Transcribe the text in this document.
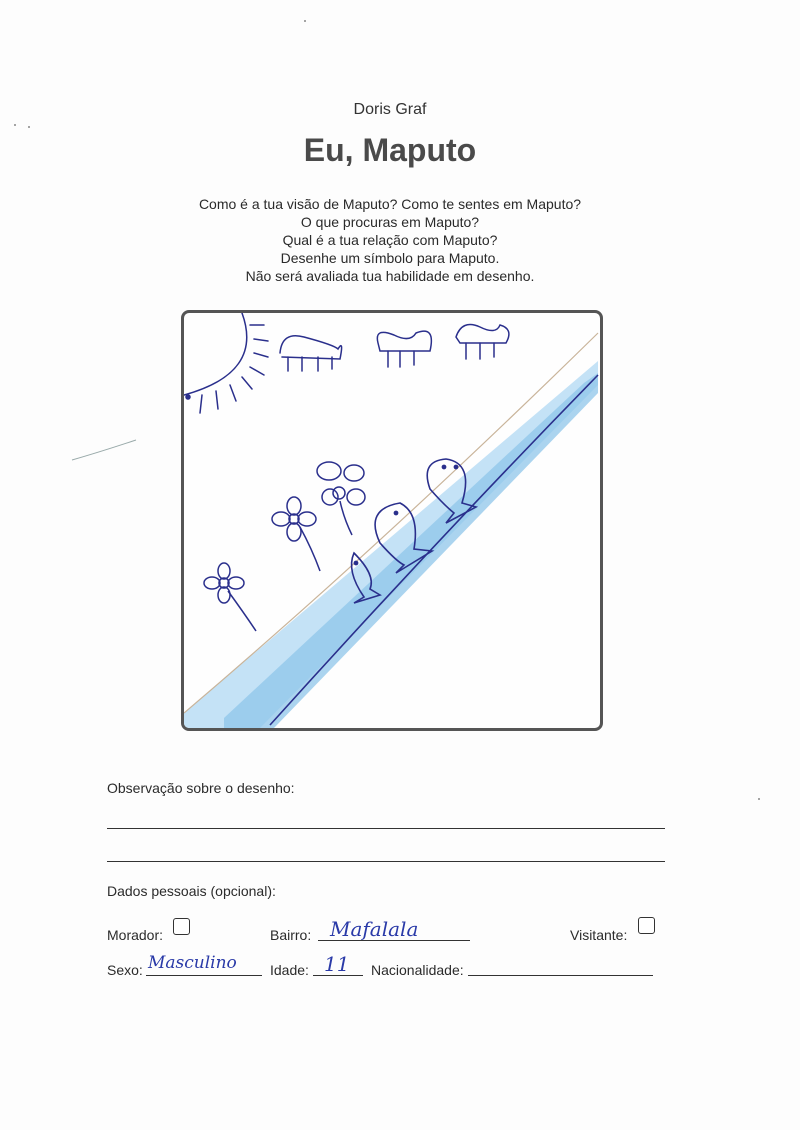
Doris Graf
Eu, Maputo
Como é a tua visão de Maputo? Como te sentes em Maputo?
O que procuras em Maputo?
Qual é a tua relação com Maputo?
Desenhe um símbolo para Maputo.
Não será avaliada tua habilidade em desenho.
Observação sobre o desenho:
Dados pessoais (opcional):
Morador:	Bairro: Mafalala	Visitante:
Sexo: Masculino Idade: 11 Nacionalidade:
